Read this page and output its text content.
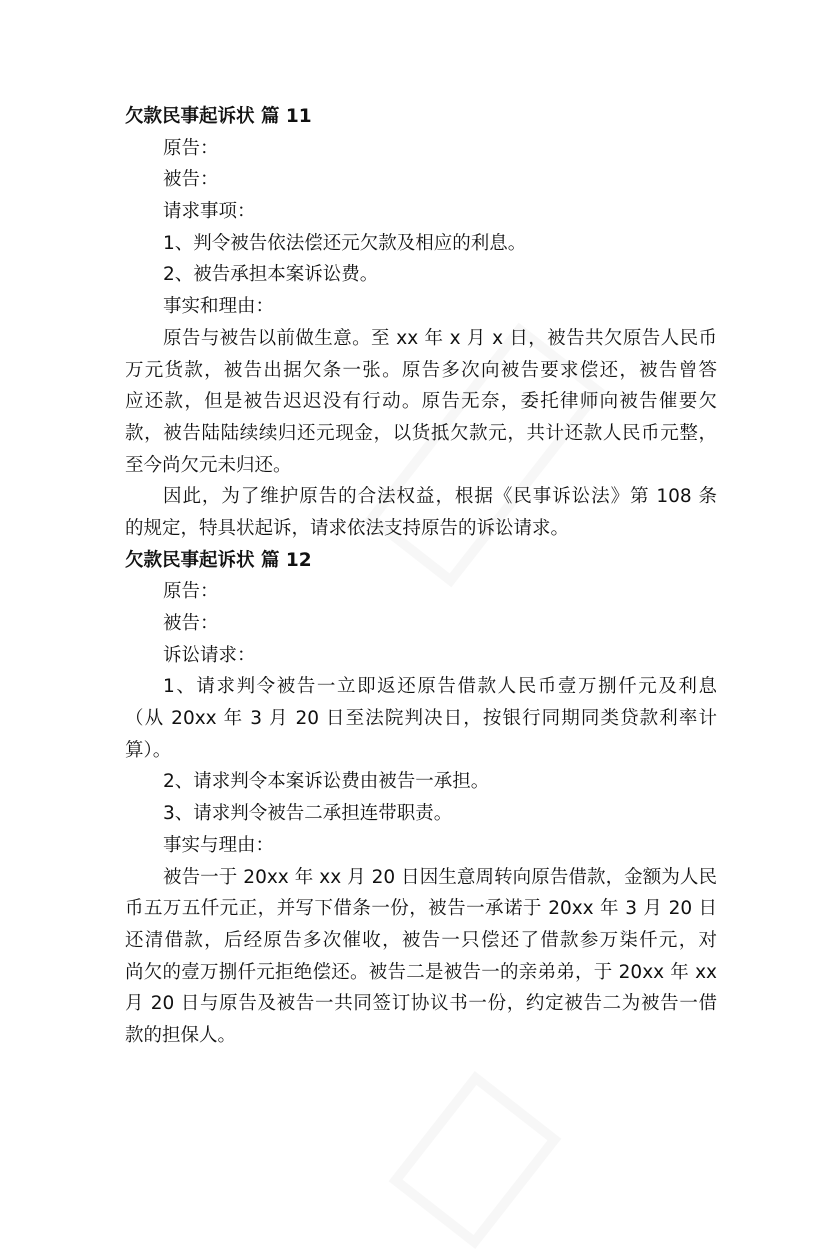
欠款民事起诉状 篇 11
原告：
被告：
请求事项：
1、判令被告依法偿还元欠款及相应的利息。
2、被告承担本案诉讼费。
事实和理由：
原告与被告以前做生意。至 xx 年 x 月 x 日，被告共欠原告人民币
万元货款，被告出据欠条一张。原告多次向被告要求偿还，被告曾答
应还款，但是被告迟迟没有行动。原告无奈，委托律师向被告催要欠
款，被告陆陆续续归还元现金，以货抵欠款元，共计还款人民币元整，
至今尚欠元未归还。
因此，为了维护原告的合法权益，根据《民事诉讼法》第 108 条
的规定，特具状起诉，请求依法支持原告的诉讼请求。
欠款民事起诉状 篇 12
原告：
被告：
诉讼请求：
1、请求判令被告一立即返还原告借款人民币壹万捌仟元及利息
（从 20xx 年 3 月 20 日至法院判决日，按银行同期同类贷款利率计
算）。
2、请求判令本案诉讼费由被告一承担。
3、请求判令被告二承担连带职责。
事实与理由：
被告一于 20xx 年 xx 月 20 日因生意周转向原告借款，金额为人民
币五万五仟元正，并写下借条一份，被告一承诺于 20xx 年 3 月 20 日
还清借款，后经原告多次催收，被告一只偿还了借款参万柒仟元，对
尚欠的壹万捌仟元拒绝偿还。被告二是被告一的亲弟弟，于 20xx 年 xx
月 20 日与原告及被告一共同签订协议书一份，约定被告二为被告一借
款的担保人。
